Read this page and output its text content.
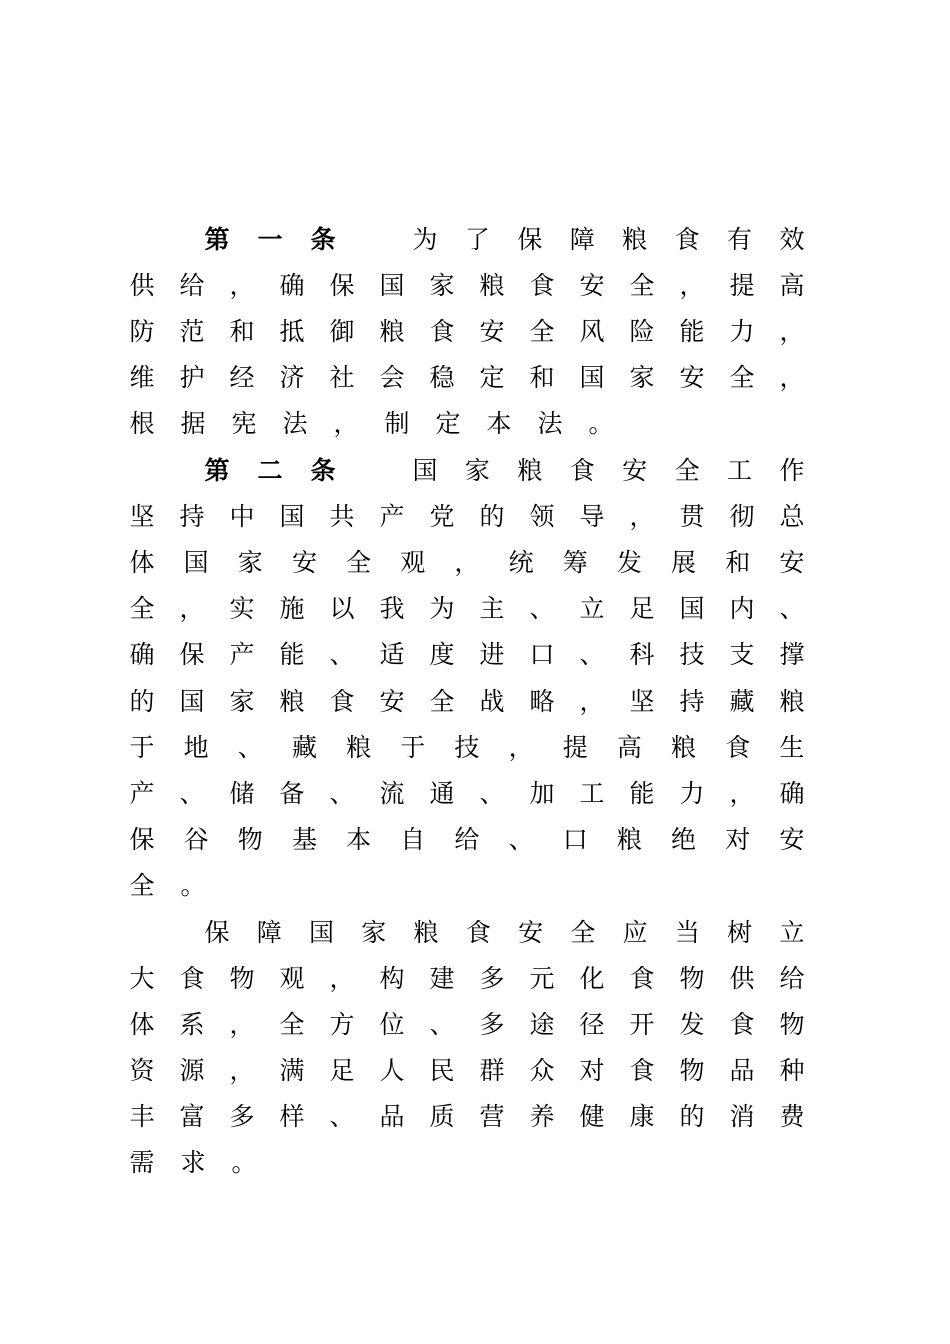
第 一 条	为 了 保 障 粮 食 有 效
供 给 ， 确 保 国 家 粮 食 安 全 ， 提 高
防 范 和 抵 御 粮 食 安 全 风 险 能 力 ，
维 护 经 济 社 会 稳 定 和 国 家 安 全 ，
根 据 宪 法 ， 制 定 本 法 。
第 二 条	国 家 粮 食 安 全 工 作
坚 持 中 国 共 产 党 的 领 导 ， 贯 彻 总
体 国 家 安 全 观 ， 统 筹 发 展 和 安
全 ， 实 施 以 我 为 主 、 立 足 国 内 、
确 保 产 能 、 适 度 进 口 、 科 技 支 撑
的 国 家 粮 食 安 全 战 略 ， 坚 持 藏 粮
于 地 、 藏 粮 于 技 ， 提 高 粮 食 生
产 、 储 备 、 流 通 、 加 工 能 力 ， 确
保 谷 物 基 本 自 给 、 口 粮 绝 对 安
全 。
保 障 国 家 粮 食 安 全 应 当 树 立
大 食 物 观 ， 构 建 多 元 化 食 物 供 给
体 系 ， 全 方 位 、 多 途 径 开 发 食 物
资 源 ， 满 足 人 民 群 众 对 食 物 品 种
丰 富 多 样 、 品 质 营 养 健 康 的 消 费
需 求 。
